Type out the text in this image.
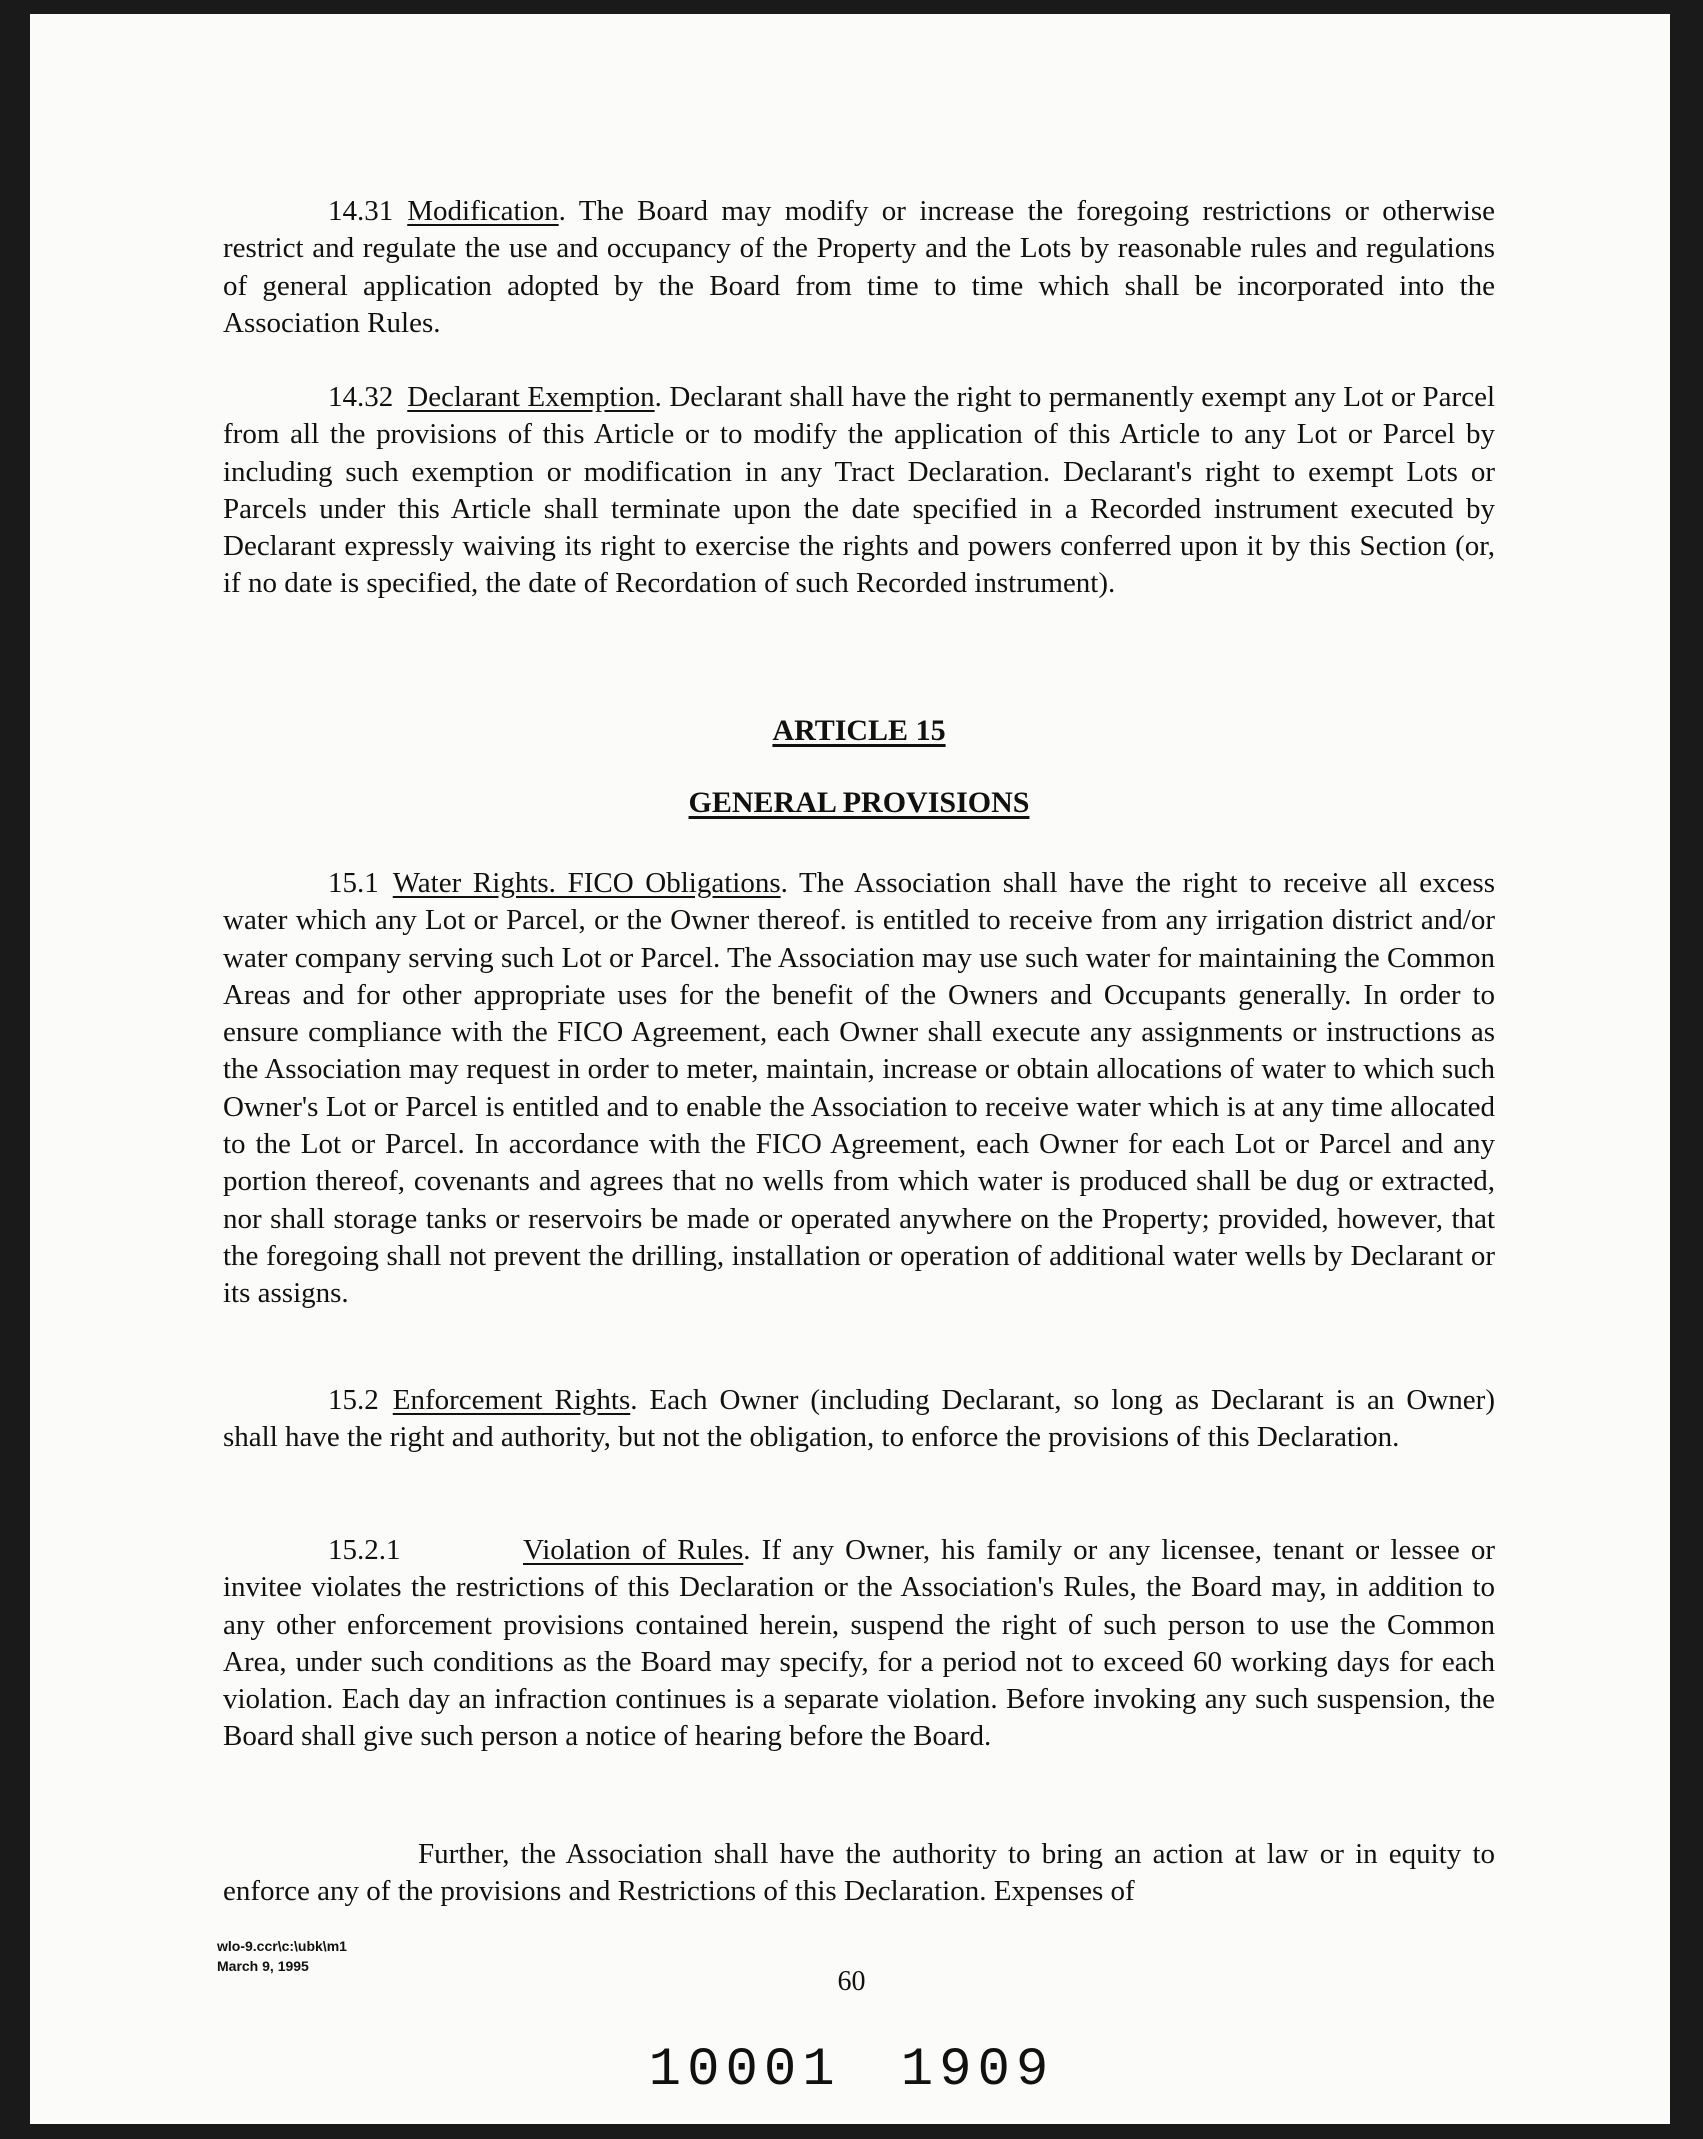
14.31 Modification. The Board may modify or increase the foregoing restrictions or otherwise restrict and regulate the use and occupancy of the Property and the Lots by reasonable rules and regulations of general application adopted by the Board from time to time which shall be incorporated into the Association Rules.

14.32 Declarant Exemption. Declarant shall have the right to permanently exempt any Lot or Parcel from all the provisions of this Article or to modify the application of this Article to any Lot or Parcel by including such exemption or modification in any Tract Declaration. Declarant's right to exempt Lots or Parcels under this Article shall terminate upon the date specified in a Recorded instrument executed by Declarant expressly waiving its right to exercise the rights and powers conferred upon it by this Section (or, if no date is specified, the date of Recordation of such Recorded instrument).

ARTICLE 15

GENERAL PROVISIONS

15.1 Water Rights. FICO Obligations. The Association shall have the right to receive all excess water which any Lot or Parcel, or the Owner thereof. is entitled to receive from any irrigation district and/or water company serving such Lot or Parcel. The Association may use such water for maintaining the Common Areas and for other appropriate uses for the benefit of the Owners and Occupants generally. In order to ensure compliance with the FICO Agreement, each Owner shall execute any assignments or instructions as the Association may request in order to meter, maintain, increase or obtain allocations of water to which such Owner's Lot or Parcel is entitled and to enable the Association to receive water which is at any time allocated to the Lot or Parcel. In accordance with the FICO Agreement, each Owner for each Lot or Parcel and any portion thereof, covenants and agrees that no wells from which water is produced shall be dug or extracted, nor shall storage tanks or reservoirs be made or operated anywhere on the Property; provided, however, that the foregoing shall not prevent the drilling, installation or operation of additional water wells by Declarant or its assigns.

15.2 Enforcement Rights. Each Owner (including Declarant, so long as Declarant is an Owner) shall have the right and authority, but not the obligation, to enforce the provisions of this Declaration.

15.2.1	Violation of Rules. If any Owner, his family or any licensee, tenant or lessee or invitee violates the restrictions of this Declaration or the Association's Rules, the Board may, in addition to any other enforcement provisions contained herein, suspend the right of such person to use the Common Area, under such conditions as the Board may specify, for a period not to exceed 60 working days for each violation. Each day an infraction continues is a separate violation. Before invoking any such suspension, the Board shall give such person a notice of hearing before the Board.

Further, the Association shall have the authority to bring an action at law or in equity to enforce any of the provisions and Restrictions of this Declaration. Expenses of

wlo-9.ccr\c:\ubk\m1
March 9, 1995	60
10001 1909
